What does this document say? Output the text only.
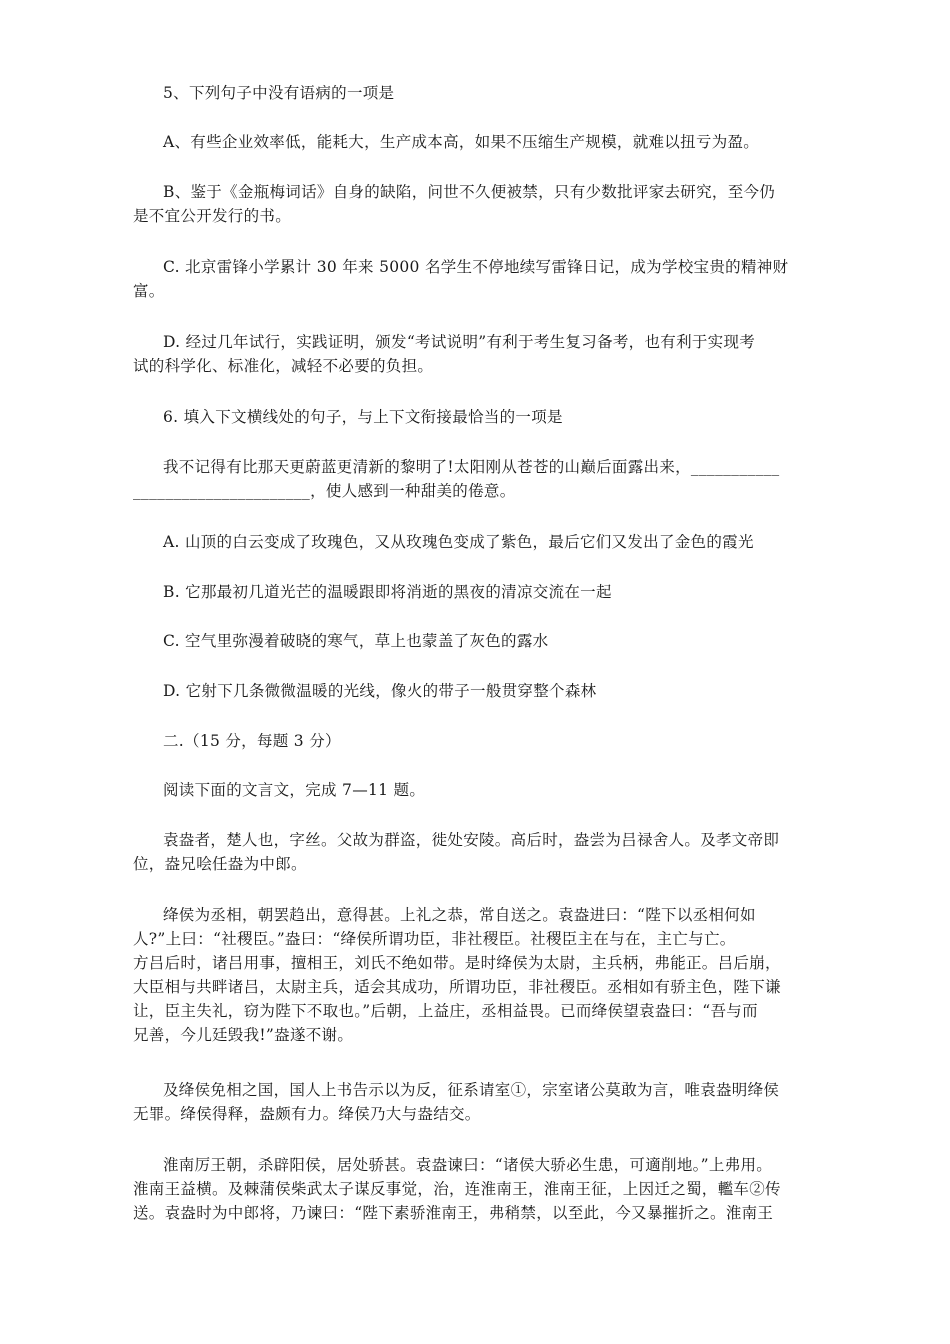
5、下列句子中没有语病的一项是

A、有些企业效率低，能耗大，生产成本高，如果不压缩生产规模，就难以扭亏为盈。

B、鉴于《金瓶梅词话》自身的缺陷，问世不久便被禁，只有少数批评家去研究，至今仍
是不宜公开发行的书。

C. 北京雷锋小学累计 30 年来 5000 名学生不停地续写雷锋日记，成为学校宝贵的精神财
富。

D. 经过几年试行，实践证明，颁发“考试说明”有利于考生复习备考，也有利于实现考
试的科学化、标准化，减轻不必要的负担。

6. 填入下文横线处的句子，与上下文衔接最恰当的一项是

我不记得有比那天更蔚蓝更清新的黎明了!太阳刚从苍苍的山巅后面露出来，___________
______________________，使人感到一种甜美的倦意。

A. 山顶的白云变成了玫瑰色，又从玫瑰色变成了紫色，最后它们又发出了金色的霞光

B. 它那最初几道光芒的温暖跟即将消逝的黑夜的清凉交流在一起

C. 空气里弥漫着破晓的寒气，草上也蒙盖了灰色的露水

D. 它射下几条微微温暖的光线，像火的带子一般贯穿整个森林

二.（15 分，每题 3 分）

阅读下面的文言文，完成 7—11 题。

袁盎者，楚人也，字丝。父故为群盗，徙处安陵。高后时，盎尝为吕禄舍人。及孝文帝即
位，盎兄哙任盎为中郎。

绛侯为丞相，朝罢趋出，意得甚。上礼之恭，常自送之。袁盎进曰：“陛下以丞相何如
人?”上曰：“社稷臣。”盎曰：“绛侯所谓功臣，非社稷臣。社稷臣主在与在，主亡与亡。
方吕后时，诸吕用事，擅相王，刘氏不绝如带。是时绛侯为太尉，主兵柄，弗能正。吕后崩，
大臣相与共畔诸吕，太尉主兵，适会其成功，所谓功臣，非社稷臣。丞相如有骄主色，陛下谦
让，臣主失礼，窃为陛下不取也。”后朝，上益庄，丞相益畏。已而绛侯望袁盎曰：“吾与而
兄善，今儿廷毁我!”盎遂不谢。

及绛侯免相之国，国人上书告示以为反，征系请室①，宗室诸公莫敢为言，唯袁盎明绛侯
无罪。绛侯得释，盎颇有力。绛侯乃大与盎结交。

淮南厉王朝，杀辟阳侯，居处骄甚。袁盎谏曰：“诸侯大骄必生患，可適削地。”上弗用。
淮南王益横。及棘蒲侯柴武太子谋反事觉，治，连淮南王，淮南王征，上因迁之蜀，轞车②传
送。袁盎时为中郎将，乃谏曰：“陛下素骄淮南王，弗稍禁，以至此，今又暴摧折之。淮南王
